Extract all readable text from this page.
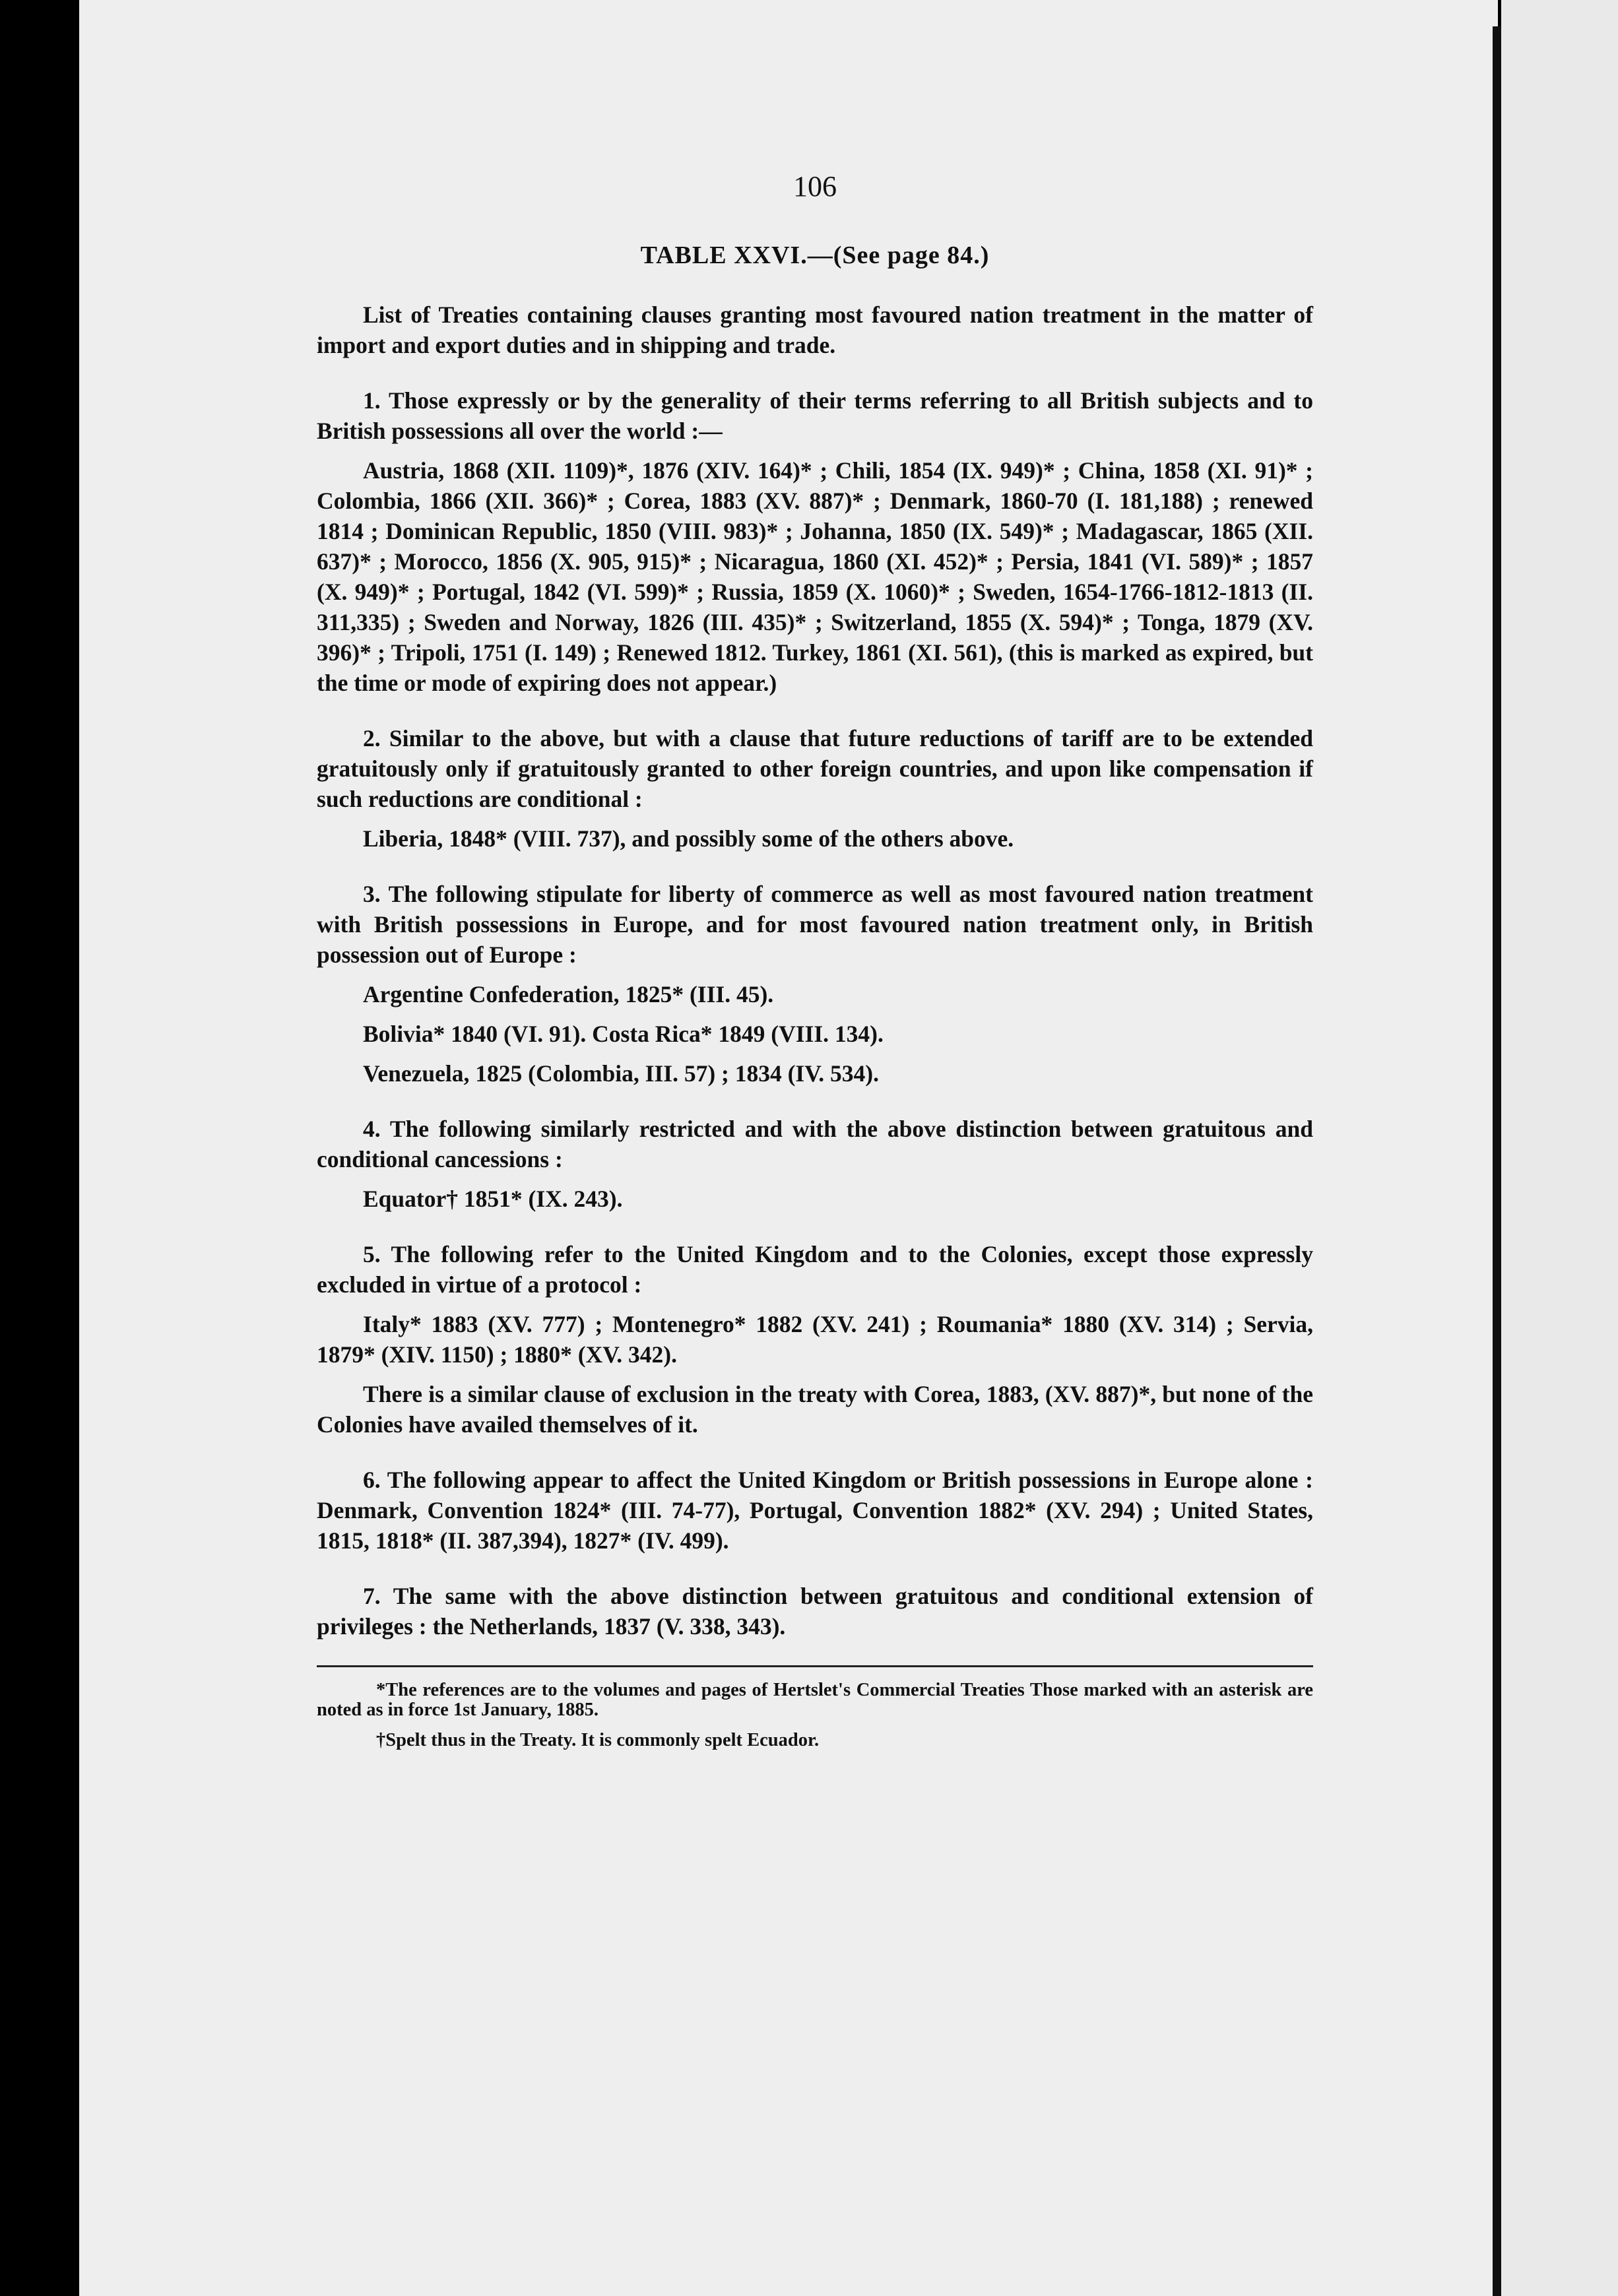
106
TABLE XXVI.—(See page 84.)

List of Treaties containing clauses granting most favoured nation treatment in the matter of import and export duties and in shipping and trade.

1. Those expressly or by the generality of their terms referring to all British subjects and to British possessions all over the world :—

Austria, 1868 (XII. 1109)*, 1876 (XIV. 164)* ; Chili, 1854 (IX. 949)* ; China, 1858 (XI. 91)* ; Colombia, 1866 (XII. 366)* ; Corea, 1883 (XV. 887)* ; Denmark, 1860-70 (I. 181,188) ; renewed 1814 ; Dominican Republic, 1850 (VIII. 983)* ; Johanna, 1850 (IX. 549)* ; Madagascar, 1865 (XII. 637)* ; Morocco, 1856 (X. 905, 915)* ; Nicaragua, 1860 (XI. 452)* ; Persia, 1841 (VI. 589)* ; 1857 (X. 949)* ; Portugal, 1842 (VI. 599)* ; Russia, 1859 (X. 1060)* ; Sweden, 1654-1766-1812-1813 (II. 311,335) ; Sweden and Norway, 1826 (III. 435)* ; Switzerland, 1855 (X. 594)* ; Tonga, 1879 (XV. 396)* ; Tripoli, 1751 (I. 149) ; Renewed 1812. Turkey, 1861 (XI. 561), (this is marked as expired, but the time or mode of expiring does not appear.)

2. Similar to the above, but with a clause that future reductions of tariff are to be extended gratuitously only if gratuitously granted to other foreign countries, and upon like compensation if such reductions are conditional :

Liberia, 1848* (VIII. 737), and possibly some of the others above.

3. The following stipulate for liberty of commerce as well as most favoured nation treatment with British possessions in Europe, and for most favoured nation treatment only, in British possession out of Europe :

Argentine Confederation, 1825* (III. 45).

Bolivia* 1840 (VI. 91). Costa Rica* 1849 (VIII. 134).

Venezuela, 1825 (Colombia, III. 57) ; 1834 (IV. 534).

4. The following similarly restricted and with the above distinction between gratuitous and conditional cancessions :

Equator† 1851* (IX. 243).

5. The following refer to the United Kingdom and to the Colonies, except those expressly excluded in virtue of a protocol :

Italy* 1883 (XV. 777) ; Montenegro* 1882 (XV. 241) ; Roumania* 1880 (XV. 314) ; Servia, 1879* (XIV. 1150) ; 1880* (XV. 342).

There is a similar clause of exclusion in the treaty with Corea, 1883, (XV. 887)*, but none of the Colonies have availed themselves of it.

6. The following appear to affect the United Kingdom or British possessions in Europe alone : Denmark, Convention 1824* (III. 74-77), Portugal, Convention 1882* (XV. 294) ; United States, 1815, 1818* (II. 387,394), 1827* (IV. 499).

7. The same with the above distinction between gratuitous and conditional extension of privileges : the Netherlands, 1837 (V. 338, 343).

*The references are to the volumes and pages of Hertslet's Commercial Treaties Those marked with an asterisk are noted as in force 1st January, 1885.

†Spelt thus in the Treaty. It is commonly spelt Ecuador.
